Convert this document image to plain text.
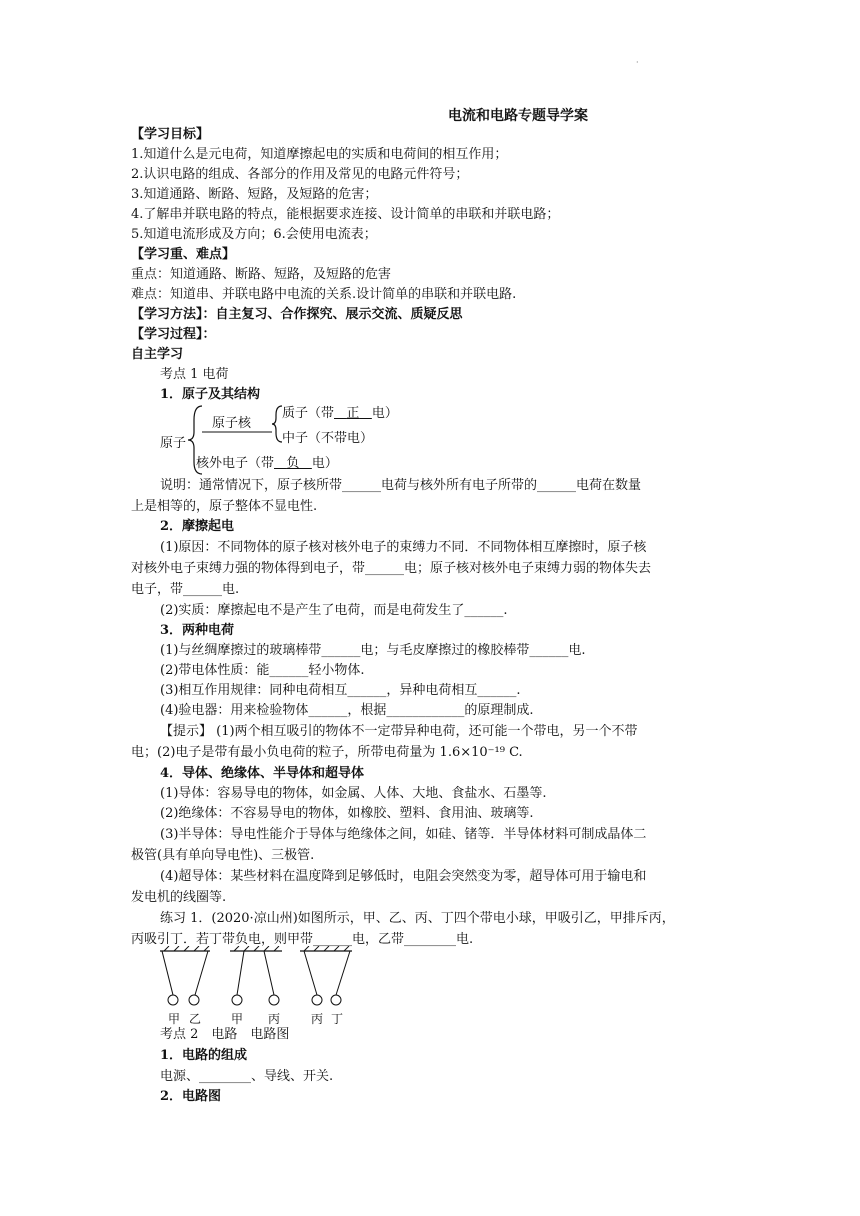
·
电流和电路专题导学案
【学习目标】
1.知道什么是元电荷，知道摩擦起电的实质和电荷间的相互作用；
2.认识电路的组成、各部分的作用及常见的电路元件符号；
3.知道通路、断路、短路，及短路的危害；
4.了解串并联电路的特点，能根据要求连接、设计简单的串联和并联电路；
5.知道电流形成及方向；6.会使用电流表；
【学习重、难点】
重点：知道通路、断路、短路，及短路的危害
难点：知道串、并联电路中电流的关系.设计简单的串联和并联电路.
【学习方法】：自主复习、合作探究、展示交流、质疑反思
【学习过程】：
自主学习
考点 1 电荷
1．原子及其结构
原子
原子核
质子（带 正 电）
中子（不带电）
核外电子（带 负 电）
说明：通常情况下，原子核所带______电荷与核外所有电子所带的______电荷在数量
上是相等的，原子整体不显电性.
2．摩擦起电
(1)原因：不同物体的原子核对核外电子的束缚力不同．不同物体相互摩擦时，原子核
对核外电子束缚力强的物体得到电子，带______电；原子核对核外电子束缚力弱的物体失去
电子，带______电.
(2)实质：摩擦起电不是产生了电荷，而是电荷发生了______.
3．两种电荷
(1)与丝绸摩擦过的玻璃棒带______电；与毛皮摩擦过的橡胶棒带______电.
(2)带电体性质：能______轻小物体.
(3)相互作用规律：同种电荷相互______，异种电荷相互______.
(4)验电器：用来检验物体______，根据____________的原理制成.
【提示】 (1)两个相互吸引的物体不一定带异种电荷，还可能一个带电，另一个不带
电；(2)电子是带有最小负电荷的粒子，所带电荷量为 1.6×10⁻¹⁹ C.
4．导体、绝缘体、半导体和超导体
(1)导体：容易导电的物体，如金属、人体、大地、食盐水、石墨等.
(2)绝缘体：不容易导电的物体，如橡胶、塑料、食用油、玻璃等.
(3)半导体：导电性能介于导体与绝缘体之间，如硅、锗等．半导体材料可制成晶体二
极管(具有单向导电性)、三极管.
(4)超导体：某些材料在温度降到足够低时，电阻会突然变为零，超导体可用于输电和
发电机的线圈等.
练习 1．(2020·凉山州)如图所示，甲、乙、丙、丁四个带电小球，甲吸引乙，甲排斥丙，
丙吸引丁．若丁带负电，则甲带______电，乙带________电.
甲 乙 甲 丙	丙 丁
考点 2　电路　电路图
1．电路的组成
电源、________、导线、开关.
2．电路图
